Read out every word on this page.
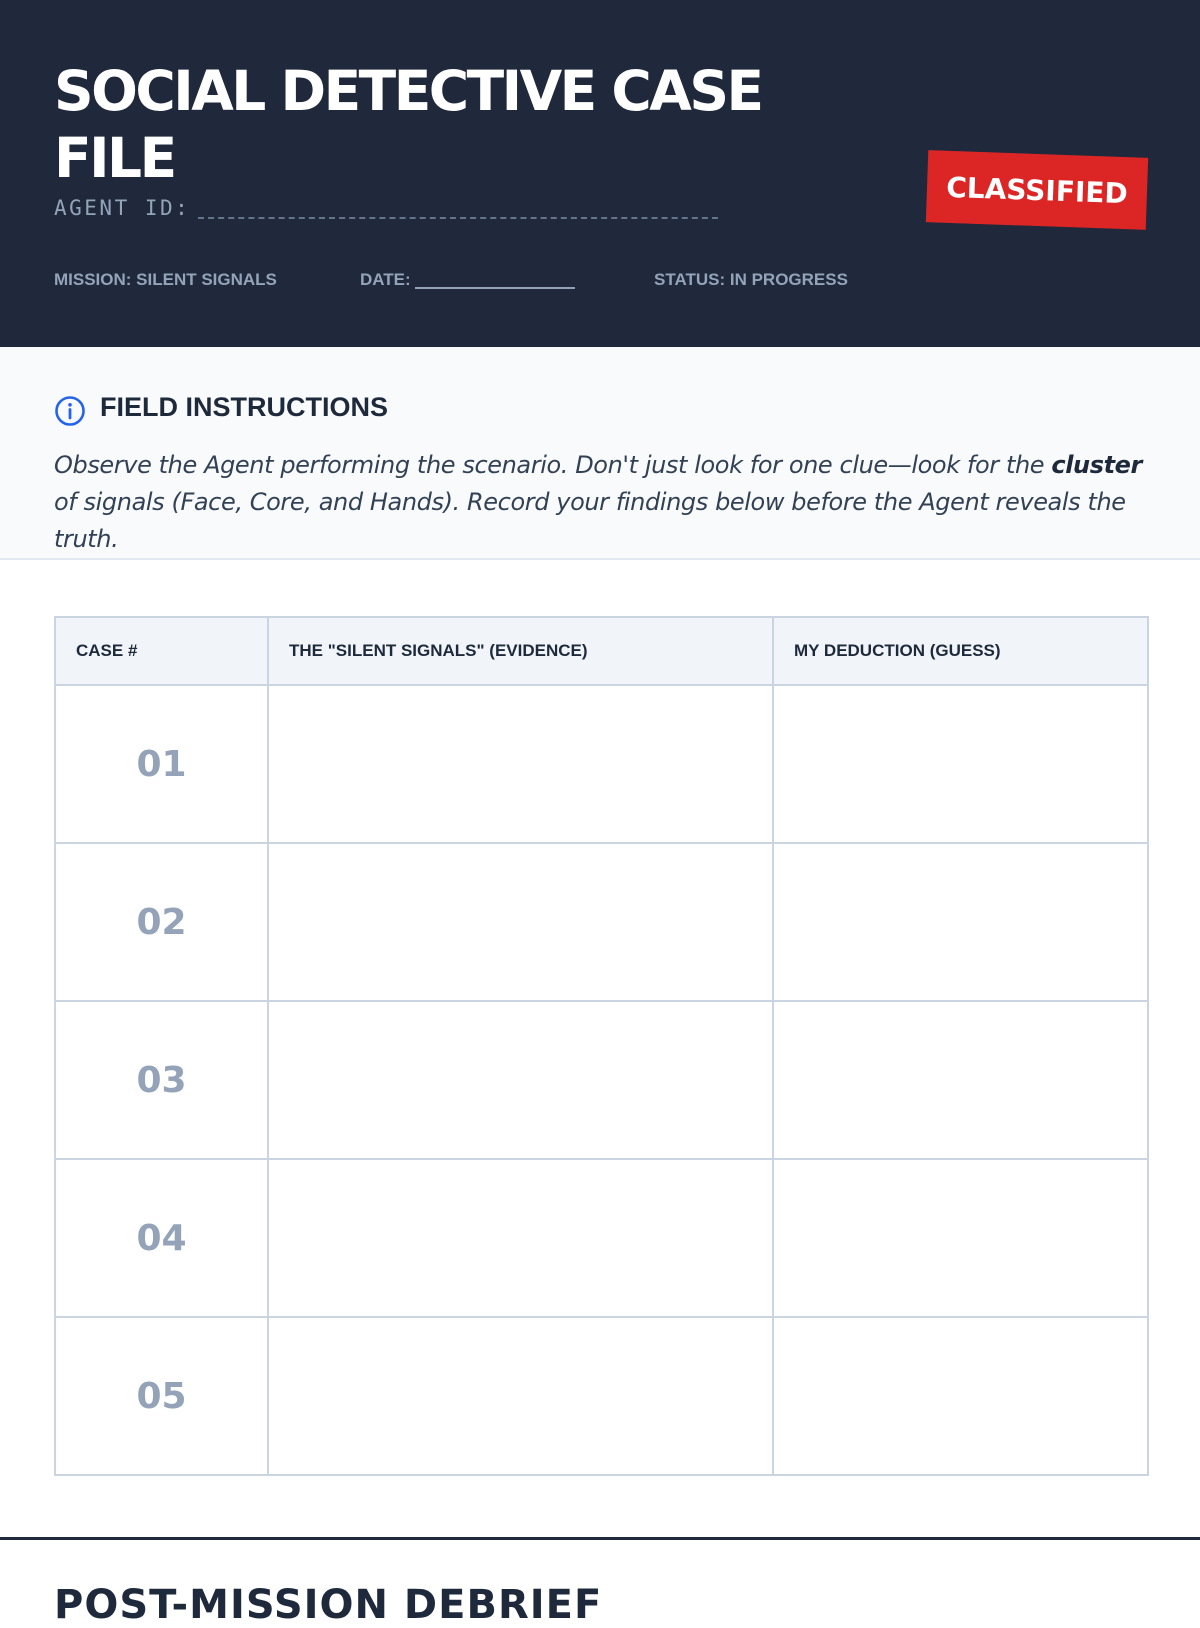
SOCIAL DETECTIVE CASE FILE
AGENT ID:	CLASSIFIED
MISSION: SILENT SIGNALS	DATE:	STATUS: IN PROGRESS
FIELD INSTRUCTIONS

Observe the Agent performing the scenario. Don't just look for one clue—look for the cluster of signals (Face, Core, and Hands). Record your findings below before the Agent reveals the truth.

CASE #	THE "SILENT SIGNALS" (EVIDENCE)	MY DEDUCTION (GUESS)
01		
02		
03		
04		
05		
POST-MISSION DEBRIEF
